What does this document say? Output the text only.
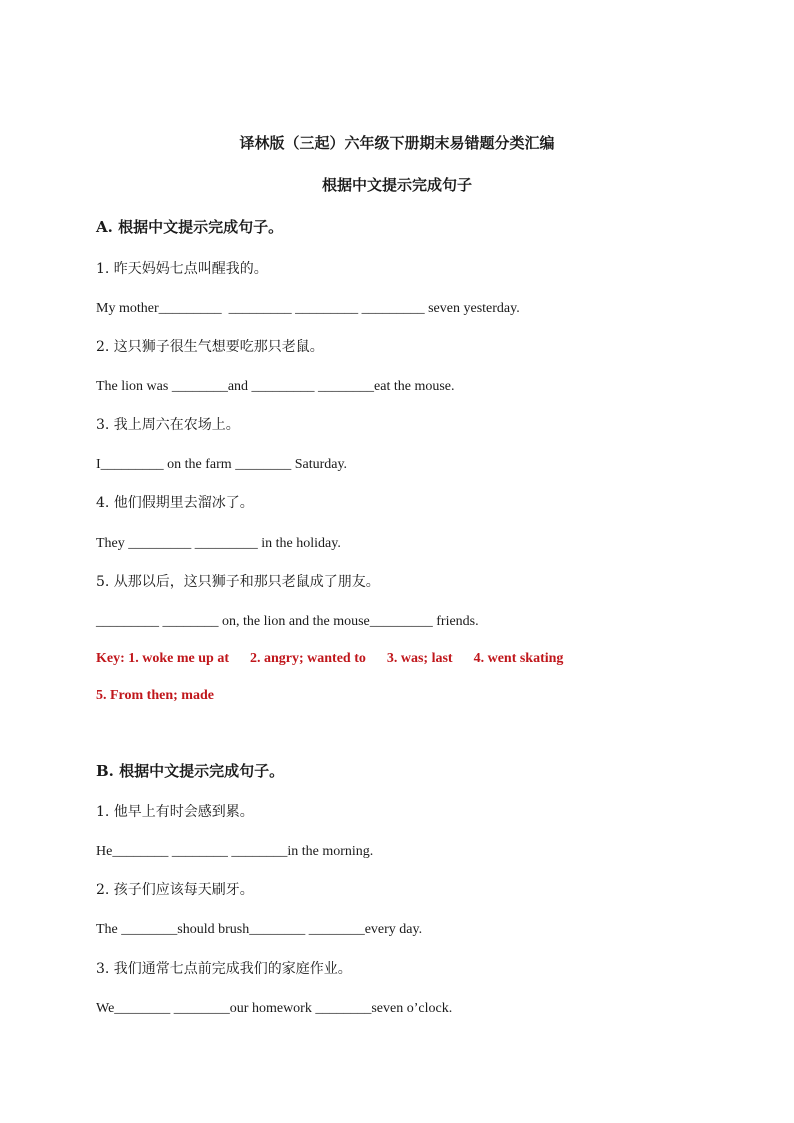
译林版（三起）六年级下册期末易错题分类汇编
根据中文提示完成句子
A. 根据中文提示完成句子。
1. 昨天妈妈七点叫醒我的。
My mother_________  _________ _________ _________ seven yesterday.
2. 这只狮子很生气想要吃那只老鼠。
The lion was ________and _________ ________eat the mouse.
3. 我上周六在农场上。
I_________ on the farm ________ Saturday.
4. 他们假期里去溜冰了。
They _________ _________ in the holiday.
5. 从那以后，这只狮子和那只老鼠成了朋友。
_________ ________ on, the lion and the mouse_________ friends.
Key: 1. woke me up at      2. angry; wanted to      3. was; last      4. went skating
5. From then; made
B. 根据中文提示完成句子。
1. 他早上有时会感到累。
He________ ________ ________in the morning.
2. 孩子们应该每天刷牙。
The ________should brush________ ________every day.
3. 我们通常七点前完成我们的家庭作业。
We________ ________our homework ________seven o’clock.
